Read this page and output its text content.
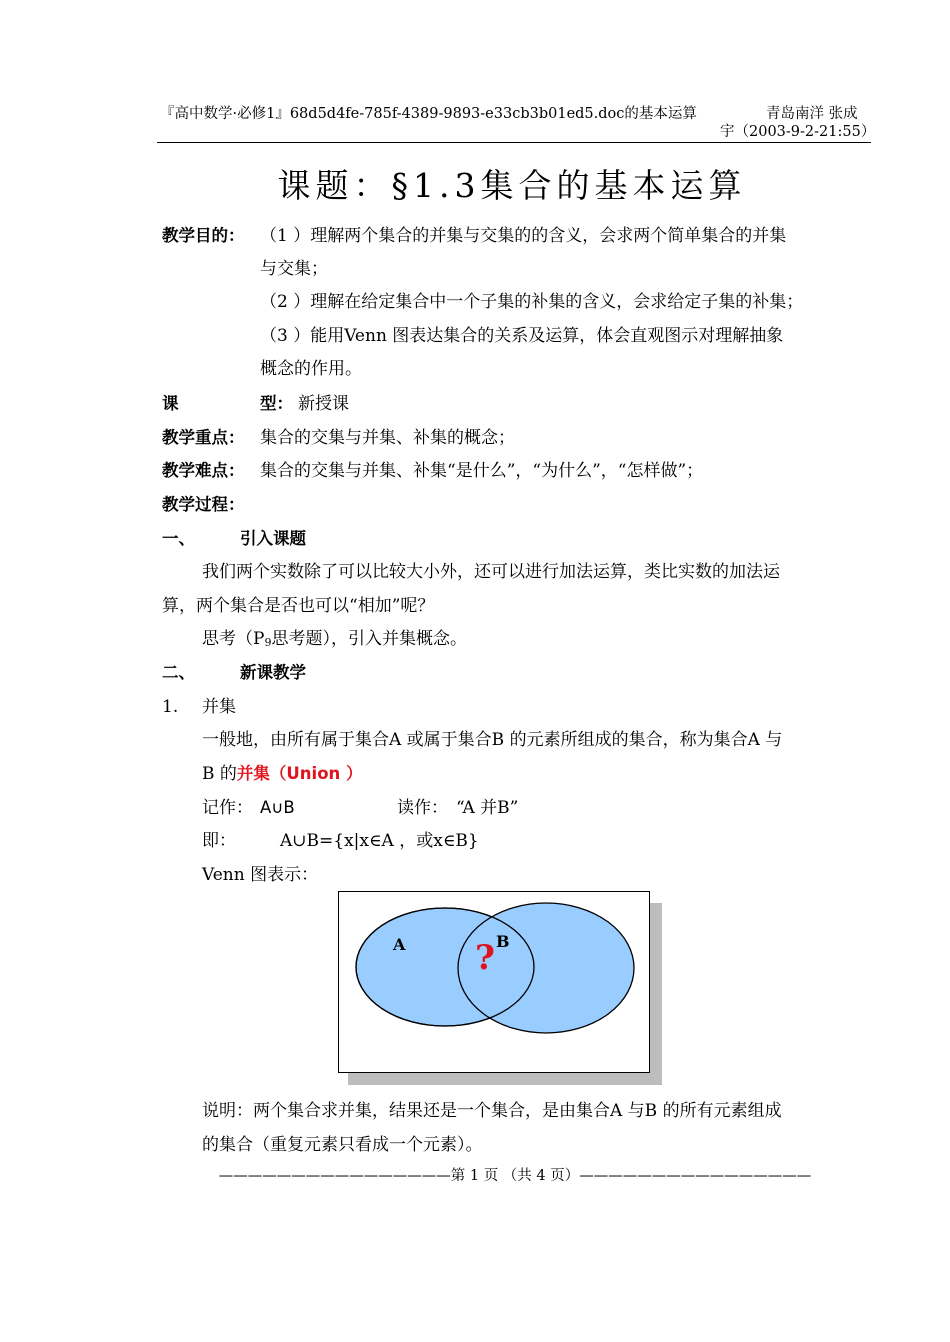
『高中数学·必修1』68d5d4fe-785f-4389-9893-e33cb3b01ed5.doc的基本运算	青岛南洋 张成
宇（2003-9-2-21:55）
课题：§1.3集合的基本运算
教学目的： （1 ）理解两个集合的并集与交集的的含义，会求两个简单集合的并集
与交集；
（2 ）理解在给定集合中一个子集的补集的含义，会求给定子集的补集；
（3 ）能用Venn 图表达集合的关系及运算，体会直观图示对理解抽象
概念的作用。
课	型： 新授课
教学重点： 集合的交集与并集、补集的概念；
教学难点： 集合的交集与并集、补集“是什么”，“为什么”，“怎样做”；
教学过程：
一、	引入课题
我们两个实数除了可以比较大小外，还可以进行加法运算，类比实数的加法运
算，两个集合是否也可以“相加”呢？
思考（P9思考题），引入并集概念。
二、	新课教学
1. 并集
一般地，由所有属于集合A 或属于集合B 的元素所组成的集合，称为集合A 与
B 的并集（Union ）
记作： A∪B	读作： “A 并B”
即：	A∪B={x|x∈A ，或x∈B}
Venn 图表示：
A	B
?
说明：两个集合求并集，结果还是一个集合，是由集合A 与B 的所有元素组成
的集合（重复元素只看成一个元素）。
————————————————第 1 页 （共 4 页）————————————————
